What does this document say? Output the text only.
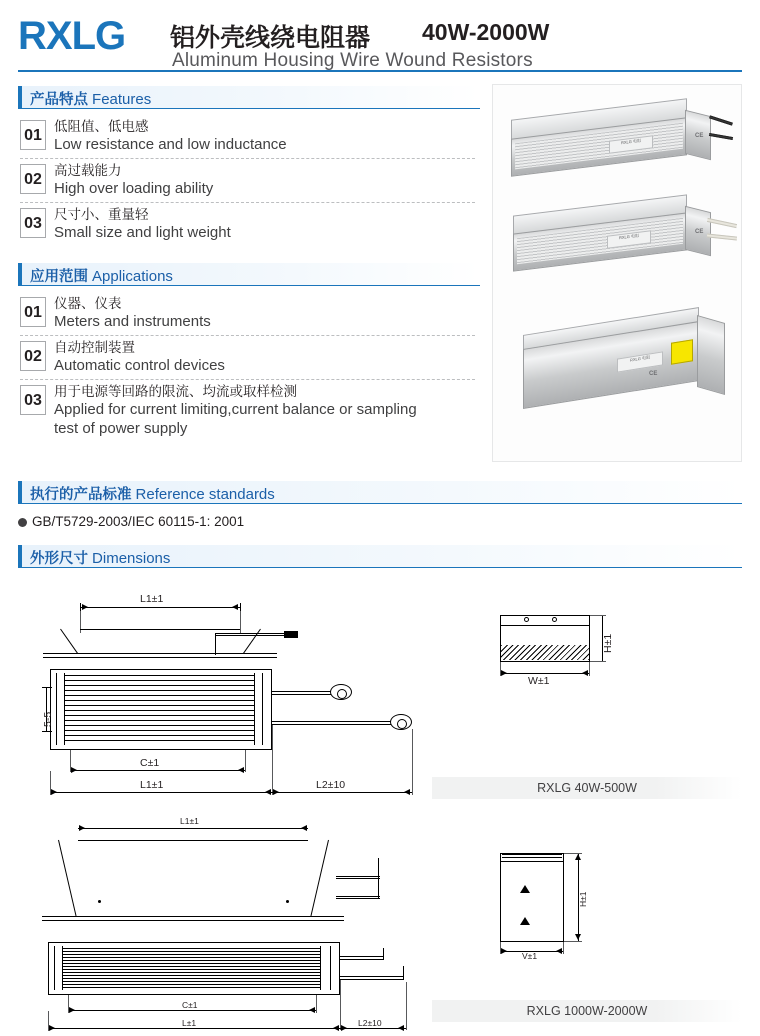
RXLG 铝外壳线绕电阻器 40W-2000W
Aluminum Housing Wire Wound Resistors
产品特点 Features
01
低阻值、低电感
Low resistance and low inductance
02
高过载能力
High over loading ability
03
尺寸小、重量轻
Small size and light weight
应用范围 Applications
01
仪器、仪表
Meters and instruments
02
自动控制装置
Automatic control devices
03
用于电源等回路的限流、均流或取样检测
Applied for current limiting,current balance or sampling
test of power supply
RXLG 电阻
CE
RXLG 电阻
CE
RXLG 电阻
CE
执行的产品标准 Reference standards
GB/T5729-2003/IEC 60115-1: 2001
外形尺寸 Dimensions
L1±1
5-5
C±1
L1±1	L2±10
H±1
W±1
RXLG 40W-500W
L1±1
C±1
L±1	L2±10
H±1
V±1
RXLG 1000W-2000W
